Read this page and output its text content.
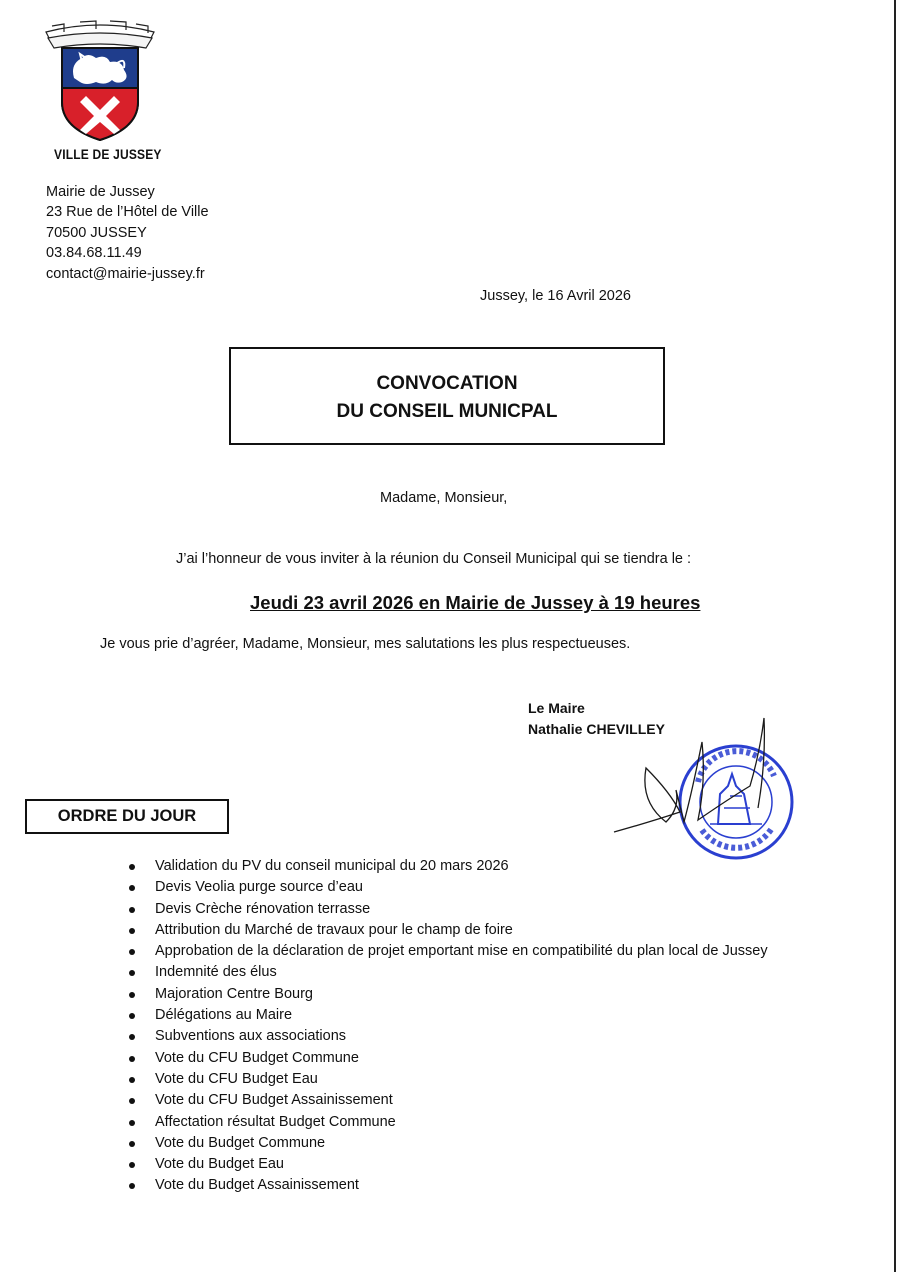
VILLE DE JUSSEY
Mairie de Jussey
23 Rue de l’Hôtel de Ville
70500 JUSSEY
03.84.68.11.49
contact@mairie-jussey.fr
Jussey, le 16 Avril 2026
CONVOCATION
DU CONSEIL MUNICPAL
Madame, Monsieur,
J’ai l’honneur de vous inviter à la réunion du Conseil Municipal qui se tiendra le :
Jeudi 23 avril 2026 en Mairie de Jussey à 19 heures
Je vous prie d’agréer, Madame, Monsieur, mes salutations les plus respectueuses.
Le Maire
Nathalie CHEVILLEY
ORDRE DU JOUR
Validation du PV du conseil municipal du 20 mars 2026
Devis Veolia purge source d’eau
Devis Crèche rénovation terrasse
Attribution du Marché de travaux pour le champ de foire
Approbation de la déclaration de projet emportant mise en compatibilité du plan local de Jussey
Indemnité des élus
Majoration Centre Bourg
Délégations au Maire
Subventions aux associations
Vote du CFU Budget Commune
Vote du CFU Budget Eau
Vote du CFU Budget Assainissement
Affectation résultat Budget Commune
Vote du Budget Commune
Vote du Budget Eau
Vote du Budget Assainissement
